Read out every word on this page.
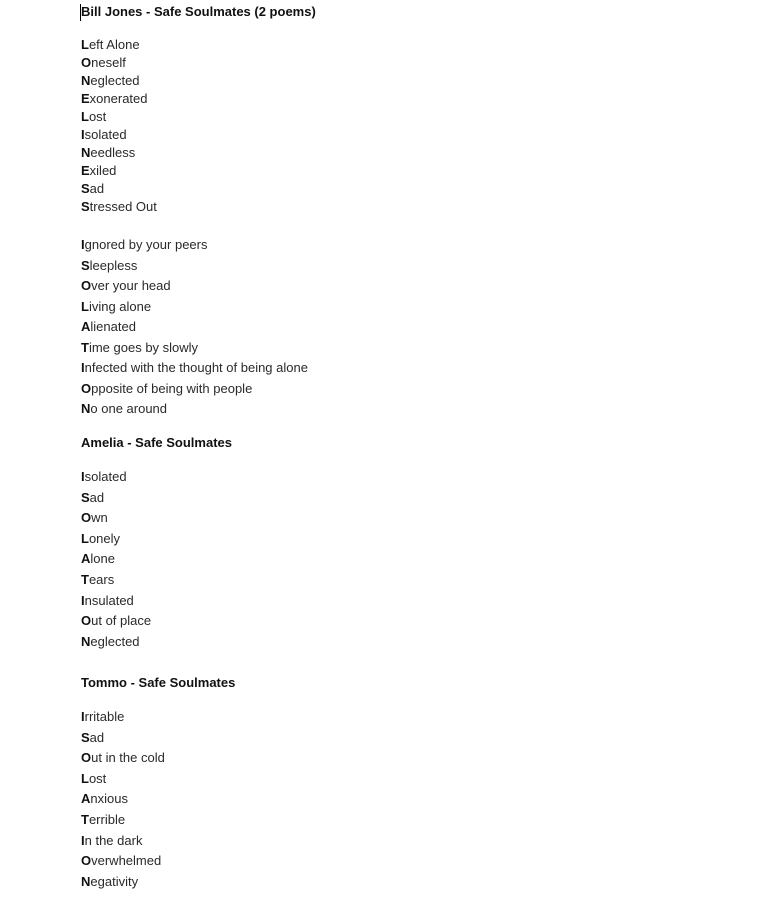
Bill Jones - Safe Soulmates (2 poems)
Left Alone
Oneself
Neglected
Exonerated
Lost
Isolated
Needless
Exiled
Sad
Stressed Out
Ignored by your peers
Sleepless
Over your head
Living alone
Alienated
Time goes by slowly
Infected with the thought of being alone
Opposite of being with people
No one around
Amelia - Safe Soulmates
Isolated
Sad
Own
Lonely
Alone
Tears
Insulated
Out of place
Neglected
Tommo - Safe Soulmates
Irritable
Sad
Out in the cold
Lost
Anxious
Terrible
In the dark
Overwhelmed
Negativity
